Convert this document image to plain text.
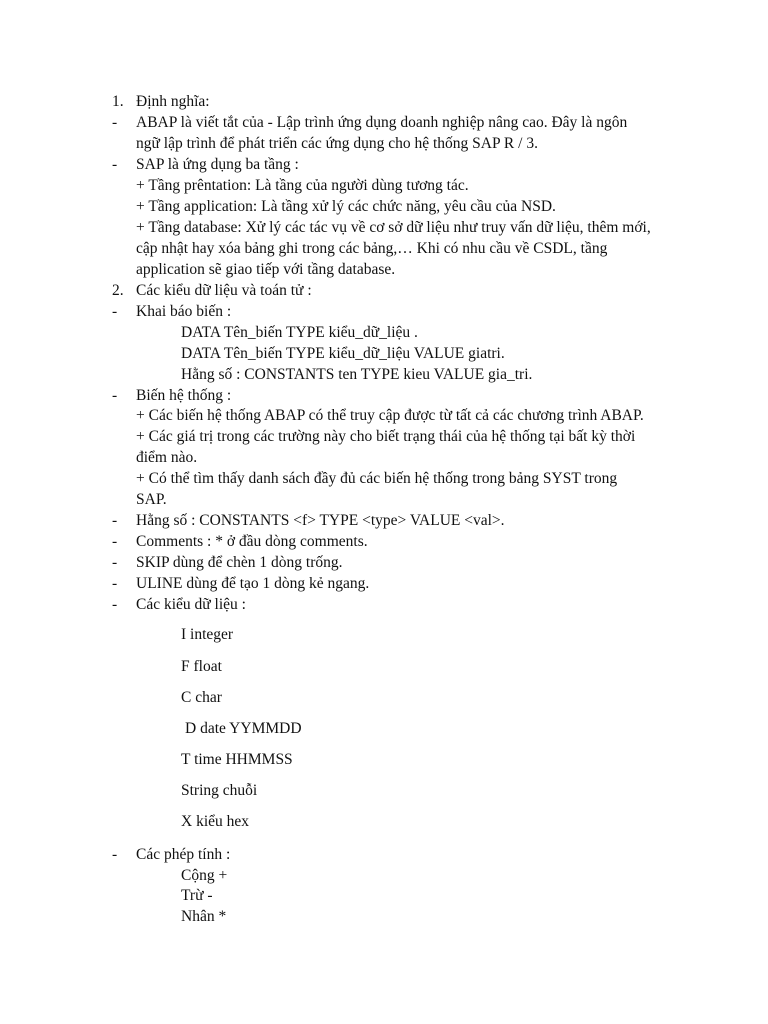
1. Định nghĩa:
- ABAP là viết tắt của - Lập trình ứng dụng doanh nghiệp nâng cao. Đây là ngôn
ngữ lập trình để phát triển các ứng dụng cho hệ thống SAP R / 3.
- SAP là ứng dụng ba tầng :
+ Tầng prêntation: Là tầng của người dùng tương tác.
+ Tầng application: Là tầng xử lý các chức năng, yêu cầu của NSD.
+ Tầng database: Xử lý các tác vụ về cơ sở dữ liệu như truy vấn dữ liệu, thêm mới,
cập nhật hay xóa bảng ghi trong các bảng,… Khi có nhu cầu về CSDL, tầng
application sẽ giao tiếp với tầng database.
2. Các kiểu dữ liệu và toán tử :
- Khai báo biến :
DATA Tên_biến TYPE kiểu_dữ_liệu .
DATA Tên_biến TYPE kiểu_dữ_liệu VALUE giatri.
Hằng số : CONSTANTS ten TYPE kieu VALUE gia_tri.
- Biến hệ thống :
+ Các biến hệ thống ABAP có thể truy cập được từ tất cả các chương trình ABAP.
+ Các giá trị trong các trường này cho biết trạng thái của hệ thống tại bất kỳ thời
điểm nào.
+ Có thể tìm thấy danh sách đầy đủ các biến hệ thống trong bảng SYST trong
SAP.
- Hằng số : CONSTANTS <f> TYPE <type> VALUE <val>.
- Comments : * ở đầu dòng comments.
- SKIP dùng để chèn 1 dòng trống.
- ULINE dùng để tạo 1 dòng kẻ ngang.
- Các kiểu dữ liệu :
I integer
F float
C char
D date YYMMDD
T time HHMMSS
String chuỗi
X kiểu hex
- Các phép tính :
Cộng +
Trừ -
Nhân *
